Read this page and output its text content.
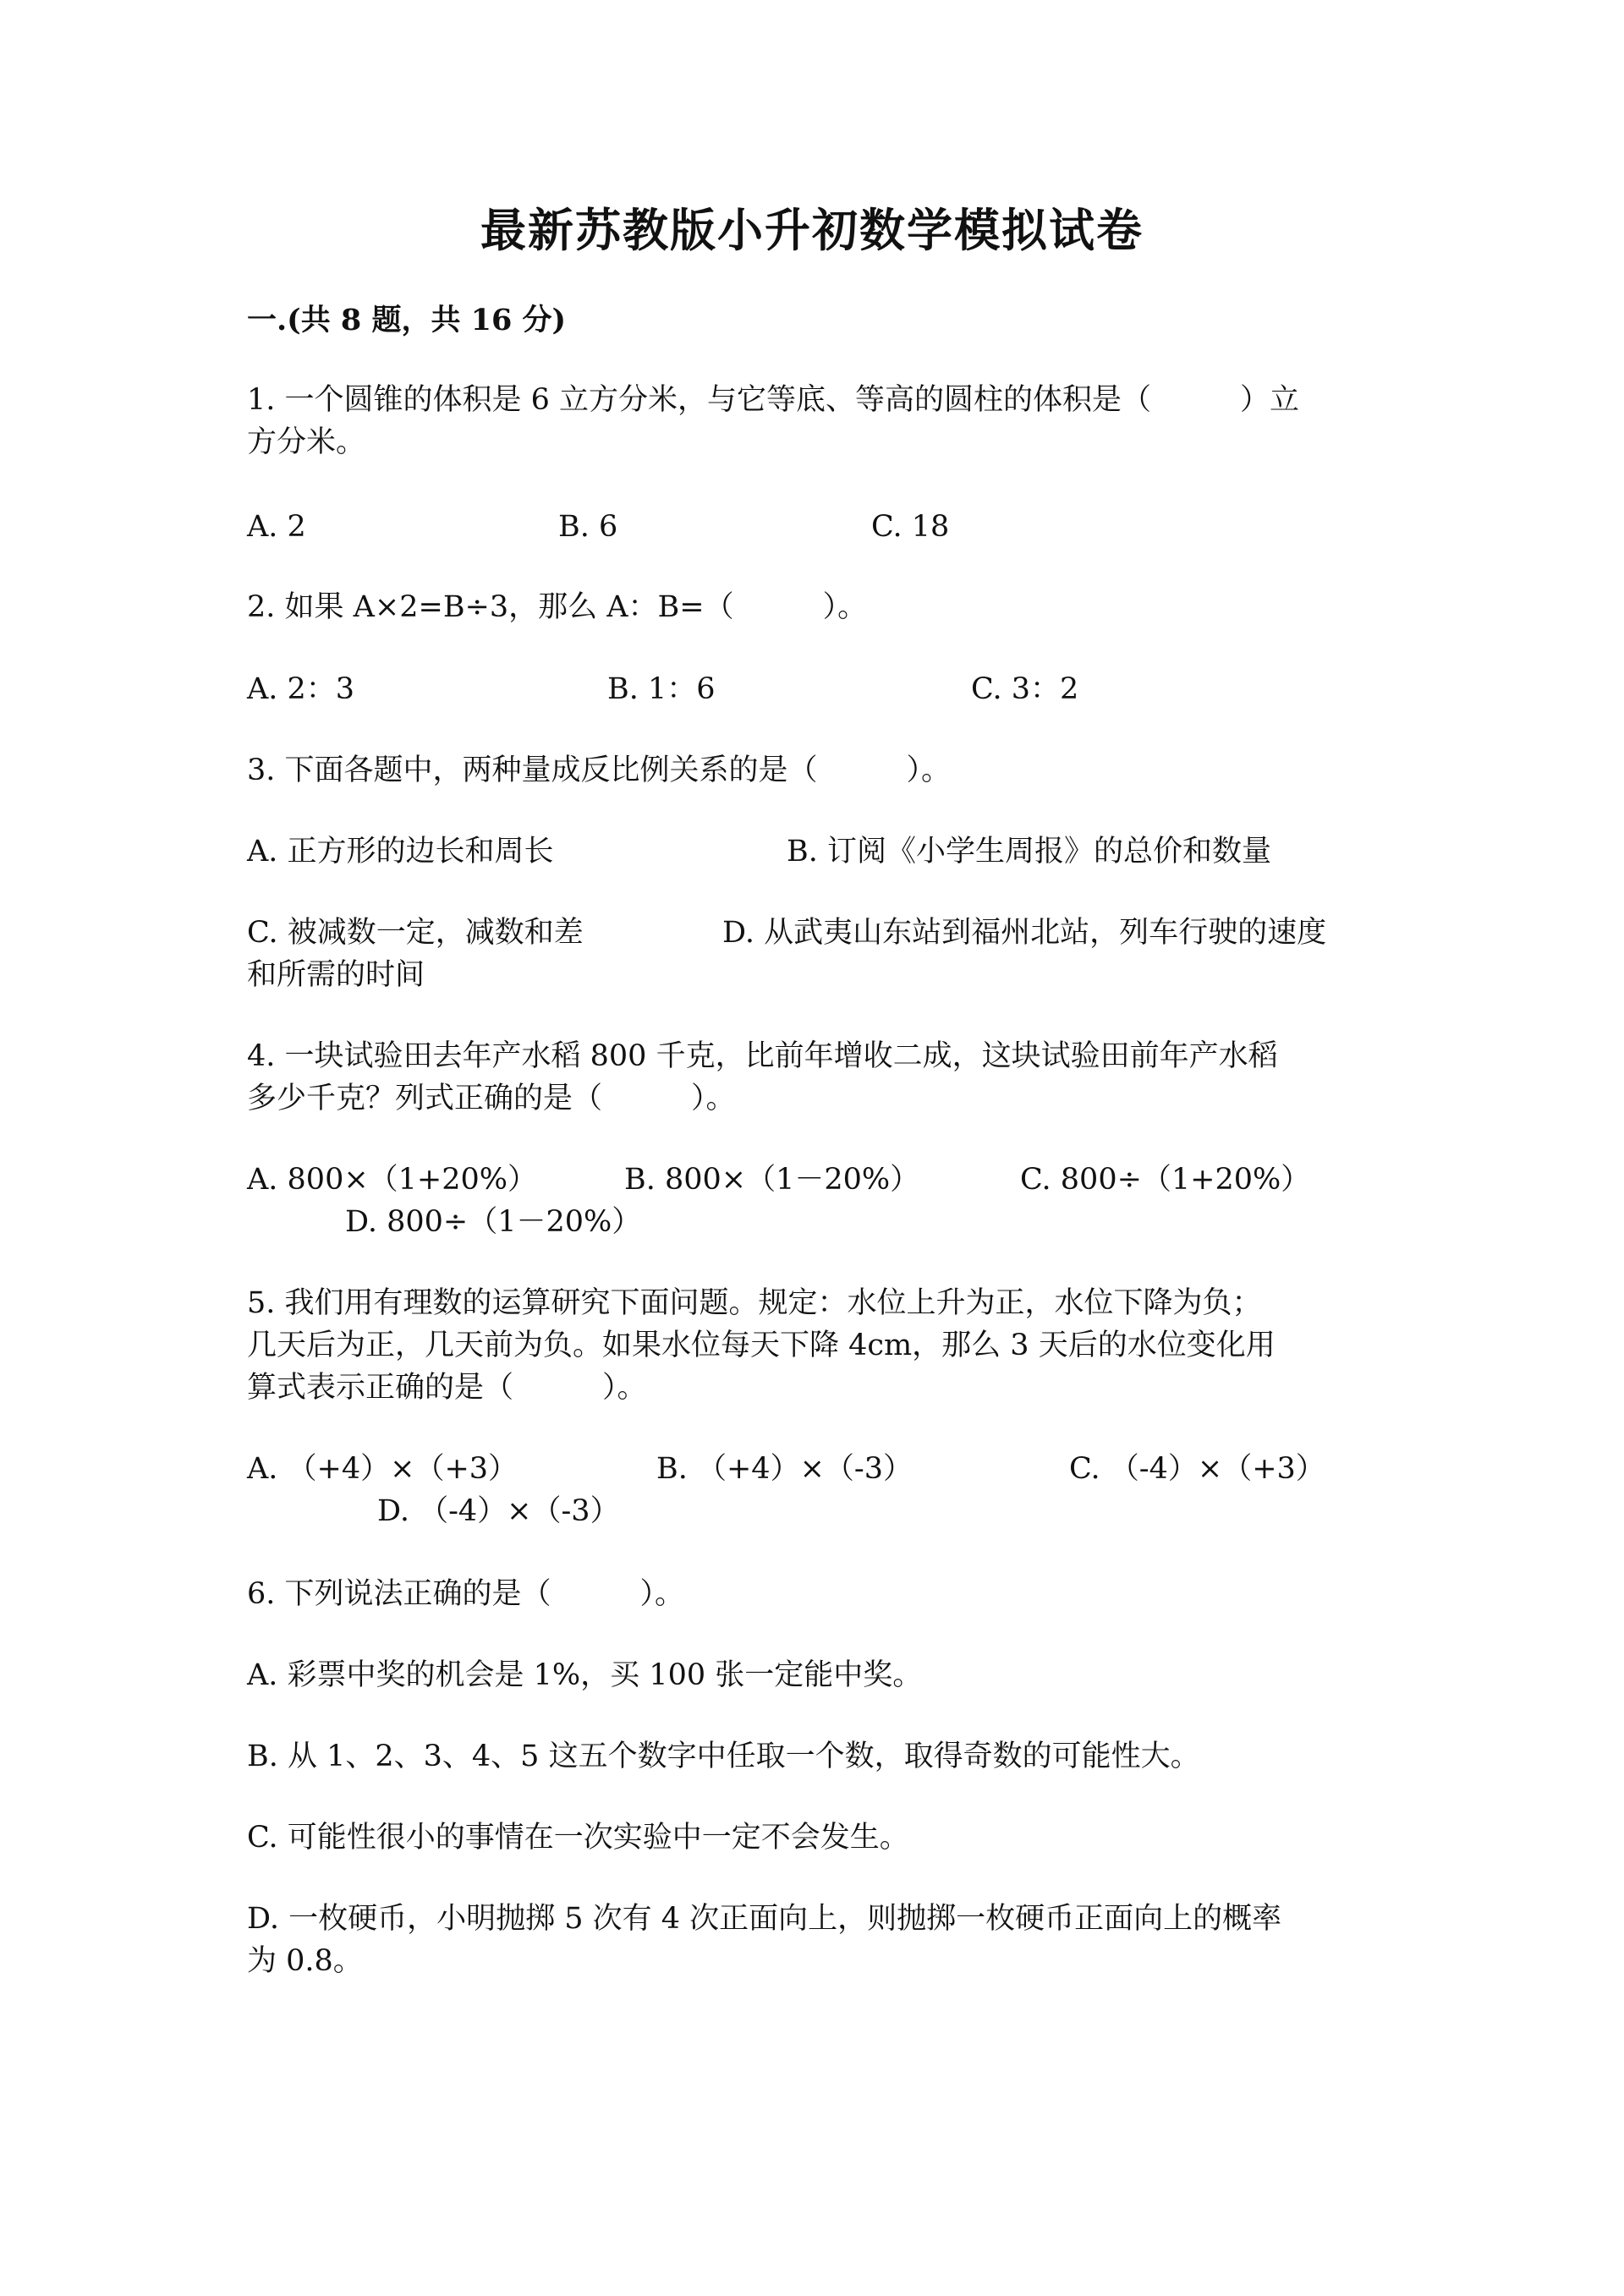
最新苏教版小升初数学模拟试卷
一.(共 8 题，共 16 分)
1. 一个圆锥的体积是 6 立方分米，与它等底、等高的圆柱的体积是（　　　）立
方分米。
A. 2	B. 6	C. 18
2. 如果 A×2=B÷3，那么 A：B=（　　　）。
A. 2：3	B. 1：6	C. 3：2
3. 下面各题中，两种量成反比例关系的是（　　　）。
A. 正方形的边长和周长	B. 订阅《小学生周报》的总价和数量
C. 被减数一定，减数和差	D. 从武夷山东站到福州北站，列车行驶的速度
和所需的时间
4. 一块试验田去年产水稻 800 千克，比前年增收二成，这块试验田前年产水稻
多少千克？列式正确的是（　　　）。
A. 800×（1+20%）	B. 800×（1－20%）	C. 800÷（1+20%）
D. 800÷（1－20%）
5. 我们用有理数的运算研究下面问题。规定：水位上升为正，水位下降为负；
几天后为正，几天前为负。如果水位每天下降 4cm，那么 3 天后的水位变化用
算式表示正确的是（　　　）。
A. （+4）×（+3）	B. （+4）×（-3）	C. （-4）×（+3）
D. （-4）×（-3）
6. 下列说法正确的是（　　　）。
A. 彩票中奖的机会是 1%，买 100 张一定能中奖。
B. 从 1、2、3、4、5 这五个数字中任取一个数，取得奇数的可能性大。
C. 可能性很小的事情在一次实验中一定不会发生。
D. 一枚硬币，小明抛掷 5 次有 4 次正面向上，则抛掷一枚硬币正面向上的概率
为 0.8。
